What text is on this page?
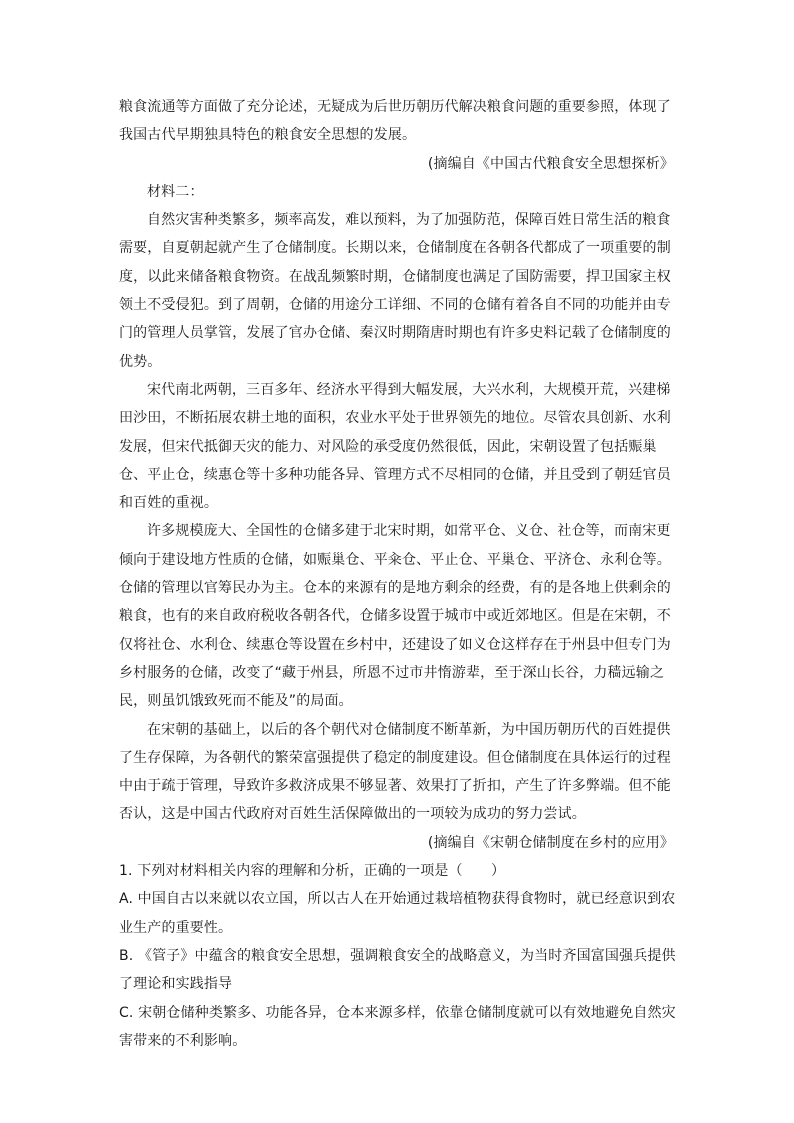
粮食流通等方面做了充分论述，无疑成为后世历朝历代解决粮食问题的重要参照，体现了
我国古代早期独具特色的粮食安全思想的发展。
(摘编自《中国古代粮食安全思想探析》
材料二：
自然灾害种类繁多，频率高发，难以预料，为了加强防范，保障百姓日常生活的粮食
需要，自夏朝起就产生了仓储制度。长期以来，仓储制度在各朝各代都成了一项重要的制
度，以此来储备粮食物资。在战乱频繁时期，仓储制度也满足了国防需要，捍卫国家主权
领土不受侵犯。到了周朝，仓储的用途分工详细、不同的仓储有着各自不同的功能并由专
门的管理人员掌管，发展了官办仓储、秦汉时期隋唐时期也有许多史料记载了仓储制度的
优势。
宋代南北两朝，三百多年、经济水平得到大幅发展，大兴水利，大规模开荒，兴建梯
田沙田，不断拓展农耕土地的面积，农业水平处于世界领先的地位。尽管农具创新、水利
发展，但宋代抵御天灾的能力、对风险的承受度仍然很低，因此，宋朝设置了包括赈巢
仓、平止仓，续惠仓等十多种功能各异、管理方式不尽相同的仓储，并且受到了朝廷官员
和百姓的重视。
许多规模庞大、全国性的仓储多建于北宋时期，如常平仓、义仓、社仓等，而南宋更
倾向于建设地方性质的仓储，如赈巢仓、平籴仓、平止仓、平巢仓、平济仓、永利仓等。
仓储的管理以官筹民办为主。仓本的来源有的是地方剩余的经费，有的是各地上供剩余的
粮食，也有的来自政府税收各朝各代，仓储多设置于城市中或近郊地区。但是在宋朝，不
仅将社仓、水利仓、续惠仓等设置在乡村中，还建设了如义仓这样存在于州县中但专门为
乡村服务的仓储，改变了“藏于州县，所恩不过市井惰游辈，至于深山长谷，力穑远输之
民，则虽饥饿致死而不能及”的局面。
在宋朝的基础上，以后的各个朝代对仓储制度不断革新，为中国历朝历代的百姓提供
了生存保障，为各朝代的繁荣富强提供了稳定的制度建设。但仓储制度在具体运行的过程
中由于疏于管理，导致许多救济成果不够显著、效果打了折扣，产生了许多弊端。但不能
否认，这是中国古代政府对百姓生活保障做出的一项较为成功的努力尝试。
(摘编自《宋朝仓储制度在乡村的应用》
1. 下列对材料相关内容的理解和分析，正确的一项是（　　）
A. 中国自古以来就以农立国，所以古人在开始通过栽培植物获得食物时，就已经意识到农
业生产的重要性。
B. 《管子》中蕴含的粮食安全思想，强调粮食安全的战略意义，为当时齐国富国强兵提供
了理论和实践指导
C. 宋朝仓储种类繁多、功能各异，仓本来源多样，依靠仓储制度就可以有效地避免自然灾
害带来的不利影响。
